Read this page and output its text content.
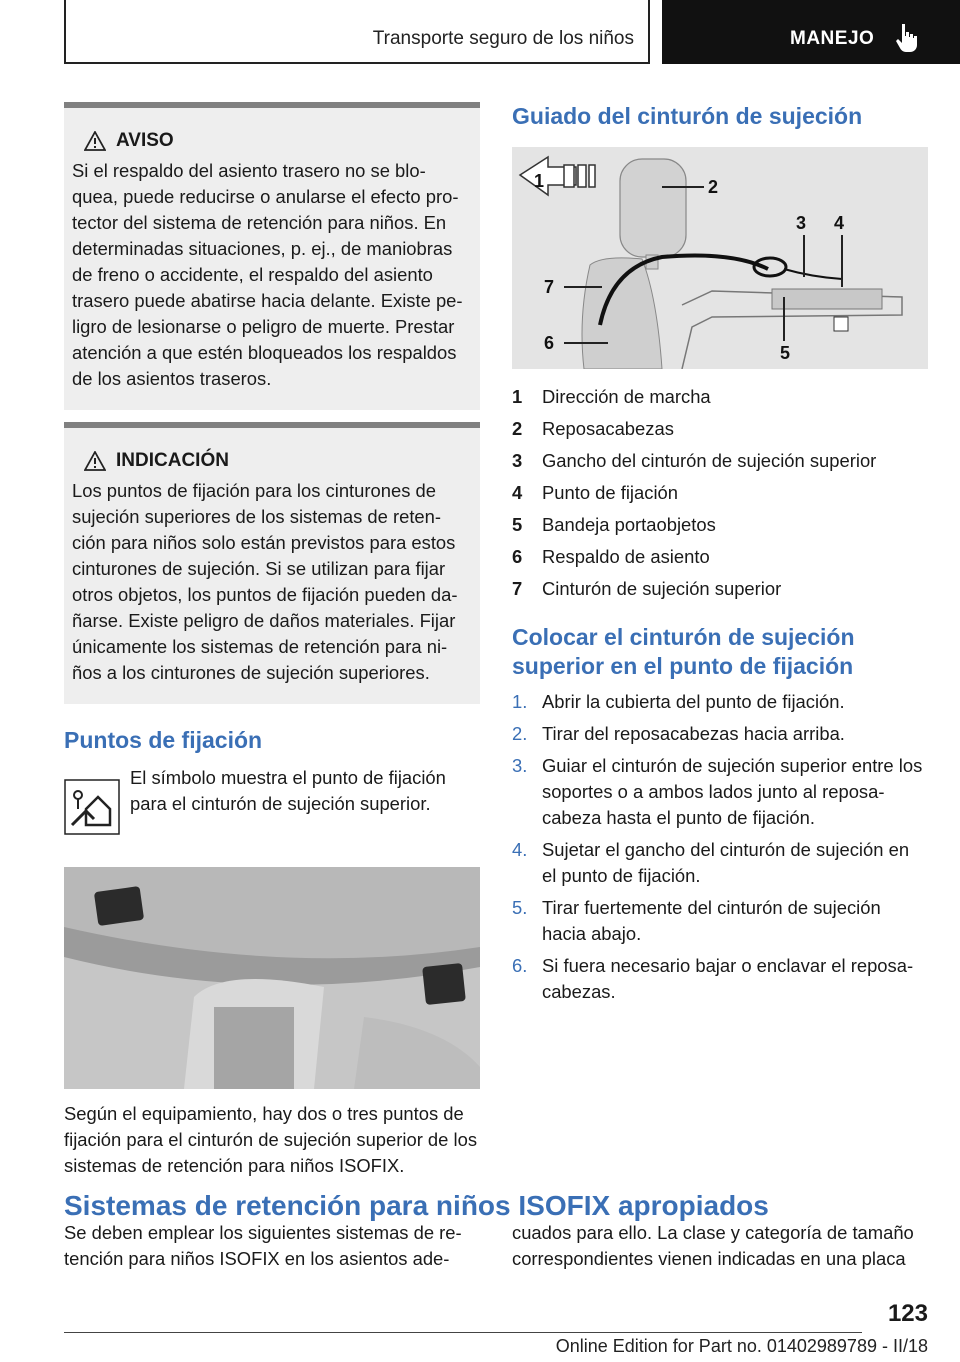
Transporte seguro de los niños	MANEJO
AVISO

Si el respaldo del asiento trasero no se blo- quea, puede reducirse o anularse el efecto pro- tector del sistema de retención para niños. En determinadas situaciones, p. ej., de maniobras de freno o accidente, el respaldo del asiento trasero puede abatirse hacia delante. Existe pe- ligro de lesionarse o peligro de muerte. Prestar atención a que estén bloqueados los respaldos de los asientos traseros.

INDICACIÓN

Los puntos de fijación para los cinturones de sujeción superiores de los sistemas de reten- ción para niños solo están previstos para estos cinturones de sujeción. Si se utilizan para fijar otros objetos, los puntos de fijación pueden da- ñarse. Existe peligro de daños materiales. Fijar únicamente los sistemas de retención para ni- ños a los cinturones de sujeción superiores.

Puntos de fijación

El símbolo muestra el punto de fijación para el cinturón de sujeción superior.

Según el equipamiento, hay dos o tres puntos de fijación para el cinturón de sujeción superior de los sistemas de retención para niños ISOFIX.

Guiado del cinturón de sujeción
1	2
3 4
5
6
7
1	Dirección de marcha
2	Reposacabezas
3	Gancho del cinturón de sujeción superior
4	Punto de fijación
5	Bandeja portaobjetos
6	Respaldo de asiento
7	Cinturón de sujeción superior
Colocar el cinturón de sujeción superior en el punto de fijación
1. Abrir la cubierta del punto de fijación.
2. Tirar del reposacabezas hacia arriba.
3. Guiar el cinturón de sujeción superior entre los soportes o a ambos lados junto al reposa- cabeza hasta el punto de fijación.
4. Sujetar el gancho del cinturón de sujeción en el punto de fijación.
5. Tirar fuertemente del cinturón de sujeción hacia abajo.
6. Si fuera necesario bajar o enclavar el reposa- cabezas.
Sistemas de retención para niños ISOFIX apropiados

Se deben emplear los siguientes sistemas de re- tención para niños ISOFIX en los asientos ade-

cuados para ello. La clase y categoría de tamaño correspondientes vienen indicadas en una placa

123
Online Edition for Part no. 01402989789 - II/18
